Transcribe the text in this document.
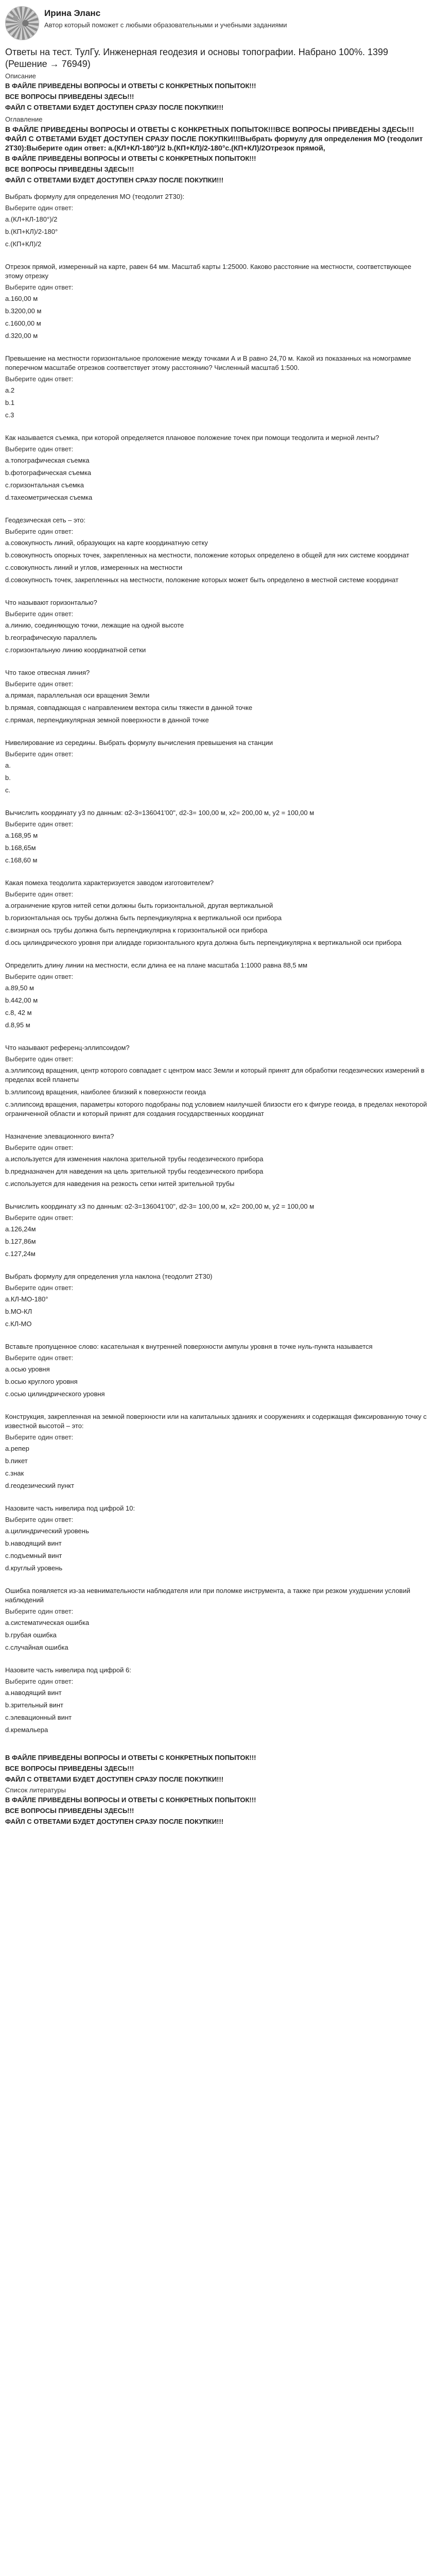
Ирина Эланс
Автор который поможет с любыми образовательными и учебными заданиями
Ответы на тест. ТулГу. Инженерная геодезия и основы топографии. Набрано 100%. 1399 (Решение → 76949)
Описание
В ФАЙЛЕ ПРИВЕДЕНЫ ВОПРОСЫ И ОТВЕТЫ С КОНКРЕТНЫХ ПОПЫТОК!!!
ВСЕ ВОПРОСЫ ПРИВЕДЕНЫ ЗДЕСЬ!!!
ФАЙЛ С ОТВЕТАМИ БУДЕТ ДОСТУПЕН СРАЗУ ПОСЛЕ ПОКУПКИ!!!
Оглавление
В ФАЙЛЕ ПРИВЕДЕНЫ ВОПРОСЫ И ОТВЕТЫ С КОНКРЕТНЫХ ПОПЫТОК!!!ВСЕ ВОПРОСЫ ПРИВЕДЕНЫ ЗДЕСЬ!!!ФАЙЛ С ОТВЕТАМИ БУДЕТ ДОСТУПЕН СРАЗУ ПОСЛЕ ПОКУПКИ!!!Выбрать формулу для определения МО (теодолит 2Т30):Выберите один ответ: a.(КЛ+КЛ-180°)/2 b.(КП+КЛ)/2-180°c.(КП+КЛ)/2Отрезок прямой,
В ФАЙЛЕ ПРИВЕДЕНЫ ВОПРОСЫ И ОТВЕТЫ С КОНКРЕТНЫХ ПОПЫТОК!!!
ВСЕ ВОПРОСЫ ПРИВЕДЕНЫ ЗДЕСЬ!!!
ФАЙЛ С ОТВЕТАМИ БУДЕТ ДОСТУПЕН СРАЗУ ПОСЛЕ ПОКУПКИ!!!
Выбрать формулу для определения МО (теодолит 2Т30):
Выберите один ответ:
a.(КЛ+КЛ-180°)/2
b.(КП+КЛ)/2-180°
c.(КП+КЛ)/2
Отрезок прямой, измеренный на карте, равен 64 мм. Масштаб карты 1:25000. Каково расстояние на местности, соответствующее этому отрезку
Выберите один ответ:
a.160,00 м
b.3200,00 м
c.1600,00 м
d.320,00 м
Превышение на местности горизонтальное проложение между точками А и В равно 24,70 м. Какой из показанных на номограмме поперечном масштабе отрезков соответствует этому расстоянию? Численный масштаб 1:500.
Выберите один ответ:
a.2
b.1
c.3
Как называется съемка, при которой определяется плановое положение точек при помощи теодолита и мерной ленты?
Выберите один ответ:
a.топографическая съемка
b.фотографическая съемка
c.горизонтальная съемка
d.тахеометрическая съемка
Геодезическая сеть – это:
Выберите один ответ:
a.совокупность линий, образующих на карте координатную сетку
b.совокупность опорных точек, закрепленных на местности, положение которых определено в общей для них системе координат
c.совокупность линий и углов, измеренных на местности
d.совокупность точек, закрепленных на местности, положение которых может быть определено в местной системе координат
Что называют горизонталью?
Выберите один ответ:
a.линию, соединяющую точки, лежащие на одной высоте
b.географическую параллель
c.горизонтальную линию координатной сетки
Что такое отвесная линия?
Выберите один ответ:
a.прямая, параллельная оси вращения Земли
b.прямая, совпадающая с направлением вектора силы тяжести в данной точке
c.прямая, перпендикулярная земной поверхности в данной точке
Нивелирование из середины. Выбрать формулу вычисления превышения на станции
Выберите один ответ:
a.
b.
c.
Вычислить координату y3 по данным: α2-3=136041'00", d2-3= 100,00 м, x2= 200,00 м, y2 = 100,00 м
Выберите один ответ:
a.168,95 м
b.168,65м
c.168,60 м
Какая помеха теодолита характеризуется заводом изготовителем?
Выберите один ответ:
a.ограничение кругов нитей сетки должны быть горизонтальной, другая вертикальной
b.горизонтальная ось трубы должна быть перпендикулярна к вертикальной оси прибора
c.визирная ось трубы должна быть перпендикулярна к горизонтальной оси прибора
d.ось цилиндрического уровня при алидаде горизонтального круга должна быть перпендикулярна к вертикальной оси прибора
Определить длину линии на местности, если длина ее на плане масштаба 1:1000 равна 88,5 мм
Выберите один ответ:
a.89,50 м
b.442,00 м
c.8, 42 м
d.8,95 м
Что называют референц-эллипсоидом?
Выберите один ответ:
a.эллипсоид вращения, центр которого совпадает с центром масс Земли и который принят для обработки геодезических измерений в пределах всей планеты
b.эллипсоид вращения, наиболее близкий к поверхности геоида
c.эллипсоид вращения, параметры которого подобраны под условием наилучшей близости его к фигуре геоида, в пределах некоторой ограниченной области и который принят для создания государственных координат
Назначение элевационного винта?
Выберите один ответ:
a.используется для изменения наклона зрительной трубы геодезического прибора
b.предназначен для наведения на цель зрительной трубы геодезического прибора
c.используется для наведения на резкость сетки нитей зрительной трубы
Вычислить координату x3 по данным: α2-3=136041'00", d2-3= 100,00 м, x2= 200,00 м, y2 = 100,00 м
Выберите один ответ:
a.126,24м
b.127,86м
c.127,24м
Выбрать формулу для определения угла наклона (теодолит 2Т30)
Выберите один ответ:
a.КЛ-МО-180°
b.МО-КЛ
c.КЛ-МО
Вставьте пропущенное слово: касательная к внутренней поверхности ампулы уровня в точке нуль-пункта называется
Выберите один ответ:
a.осью уровня
b.осью круглого уровня
c.осью цилиндрического уровня
Конструкция, закрепленная на земной поверхности или на капитальных зданиях и сооружениях и содержащая фиксированную точку с известной высотой – это:
Выберите один ответ:
a.репер
b.пикет
c.знак
d.геодезический пункт
Назовите часть нивелира под цифрой 10:
Выберите один ответ:
a.цилиндрический уровень
b.наводящий винт
c.подъемный винт
d.круглый уровень
Ошибка появляется из-за невнимательности наблюдателя или при поломке инструмента, а также при резком ухудшении условий наблюдений
Выберите один ответ:
a.систематическая ошибка
b.грубая ошибка
c.случайная ошибка
Назовите часть нивелира под цифрой 6:
Выберите один ответ:
a.наводящий винт
b.зрительный винт
c.элевационный винт
d.кремальера
В ФАЙЛЕ ПРИВЕДЕНЫ ВОПРОСЫ И ОТВЕТЫ С КОНКРЕТНЫХ ПОПЫТОК!!!
ВСЕ ВОПРОСЫ ПРИВЕДЕНЫ ЗДЕСЬ!!!
ФАЙЛ С ОТВЕТАМИ БУДЕТ ДОСТУПЕН СРАЗУ ПОСЛЕ ПОКУПКИ!!!
Список литературы
В ФАЙЛЕ ПРИВЕДЕНЫ ВОПРОСЫ И ОТВЕТЫ С КОНКРЕТНЫХ ПОПЫТОК!!!
ВСЕ ВОПРОСЫ ПРИВЕДЕНЫ ЗДЕСЬ!!!
ФАЙЛ С ОТВЕТАМИ БУДЕТ ДОСТУПЕН СРАЗУ ПОСЛЕ ПОКУПКИ!!!
